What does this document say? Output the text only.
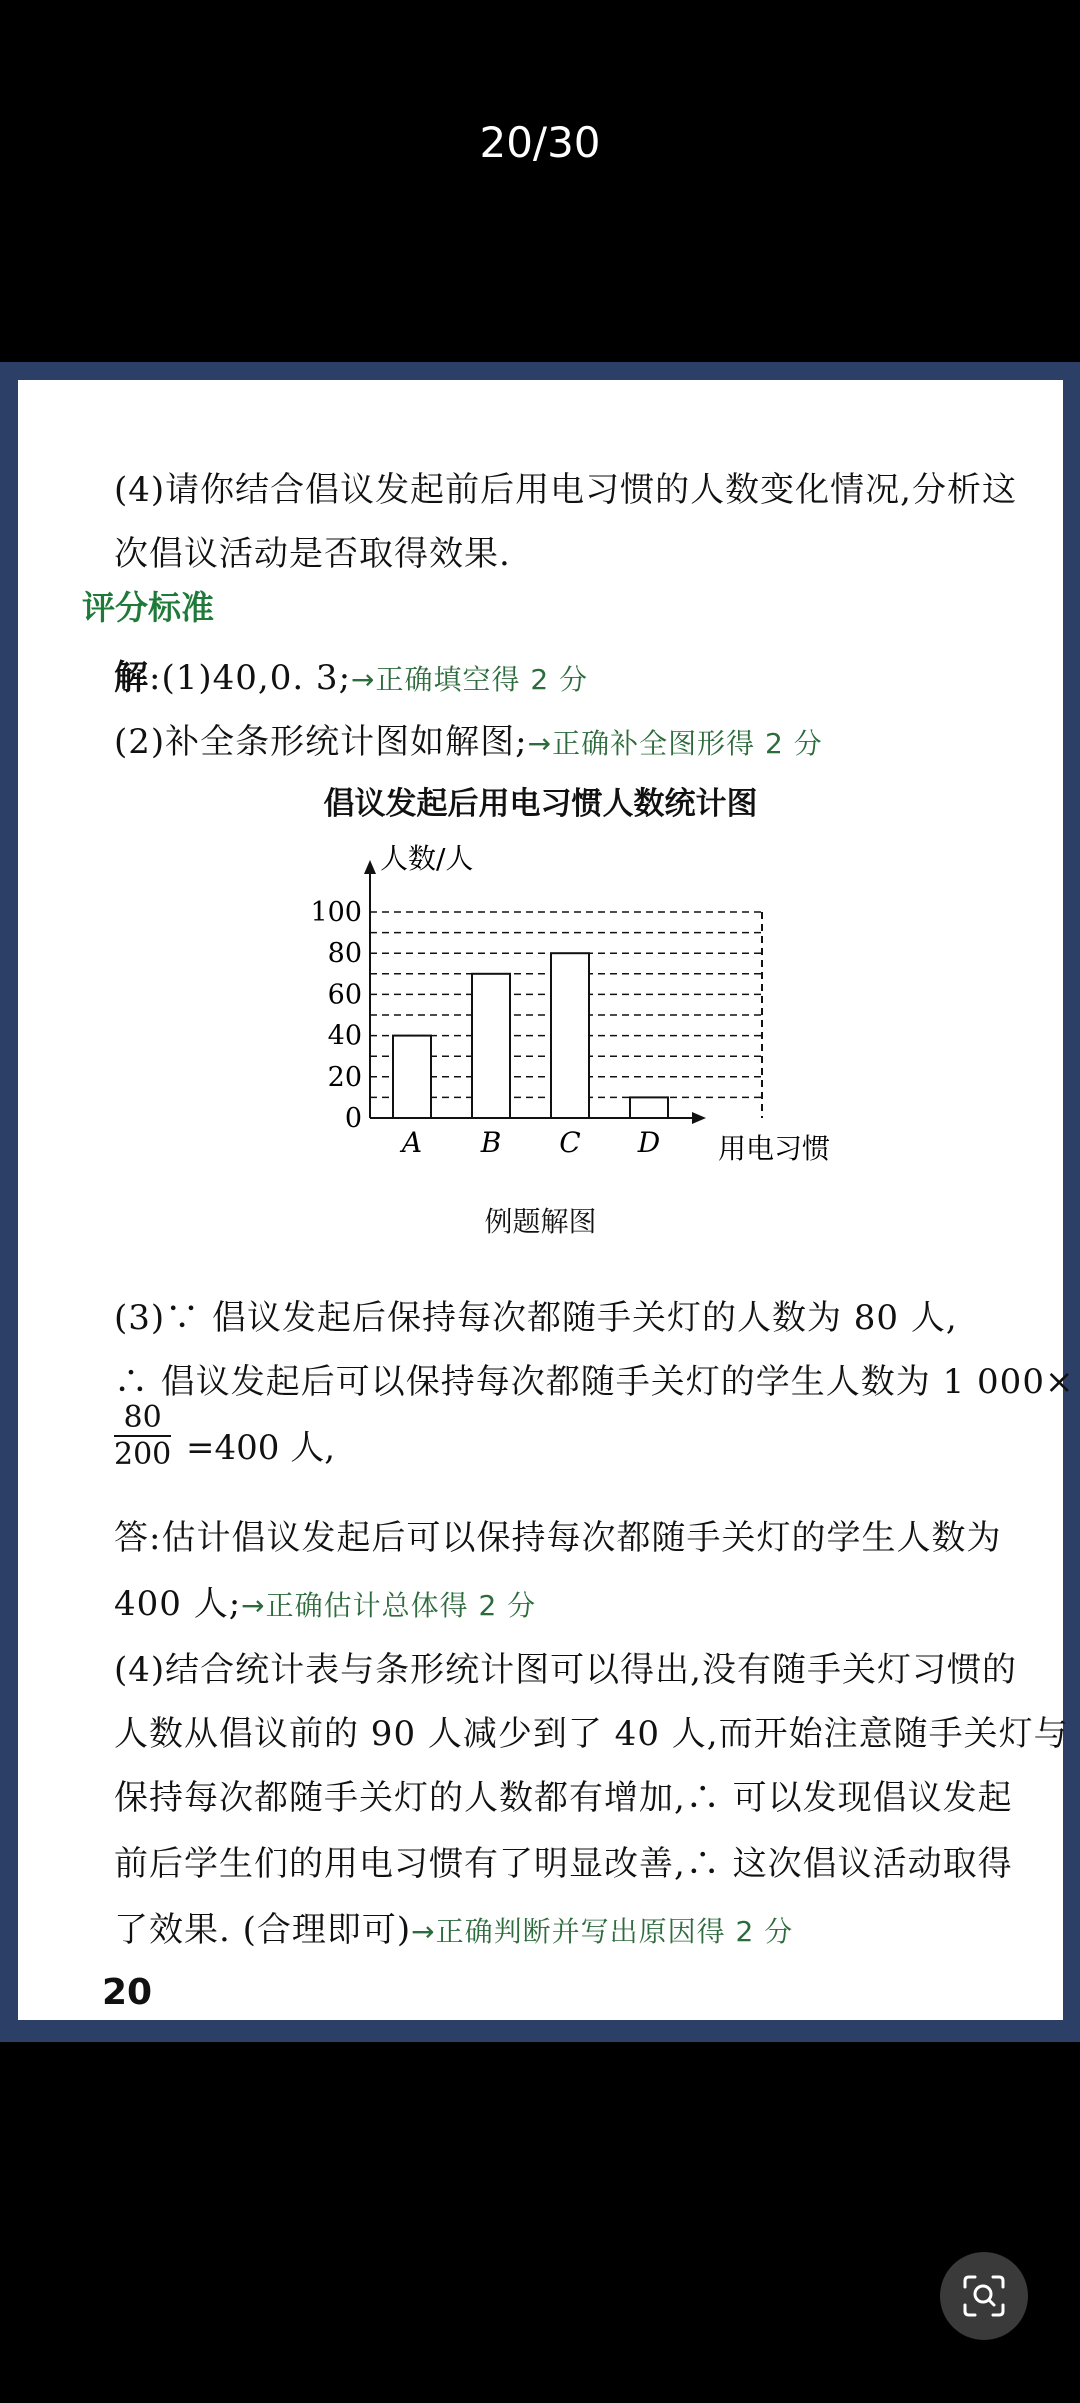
20/30
(4)请你结合倡议发起前后用电习惯的人数变化情况,分析这
次倡议活动是否取得效果.
评分标准
解:(1)40,0. 3;→正确填空得 2 分
(2)补全条形统计图如解图;→正确补全图形得 2 分
倡议发起后用电习惯人数统计图
0
20
40
60
80
100
A B C D
人数/人
用电习惯
例题解图
(3)∵ 倡议发起后保持每次都随手关灯的人数为 80 人,
∴ 倡议发起后可以保持每次都随手关灯的学生人数为 1 000×
$\frac{80}{200} =400$ 人,
答:估计倡议发起后可以保持每次都随手关灯的学生人数为
400 人;→正确估计总体得 2 分
(4)结合统计表与条形统计图可以得出,没有随手关灯习惯的
人数从倡议前的 90 人减少到了 40 人,而开始注意随手关灯与
保持每次都随手关灯的人数都有增加,∴ 可以发现倡议发起
前后学生们的用电习惯有了明显改善,∴ 这次倡议活动取得
了效果. (合理即可)→正确判断并写出原因得 2 分
20
